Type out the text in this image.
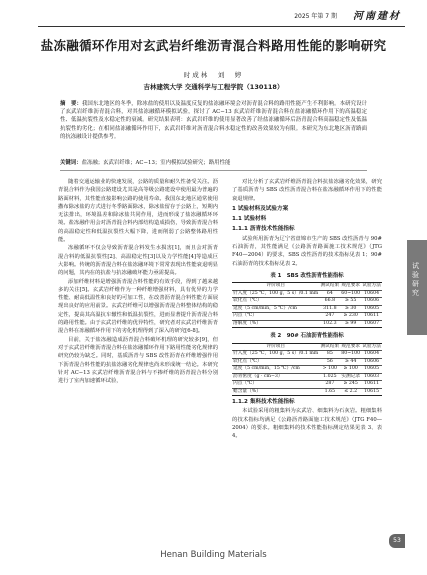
2025 年第 7 期 河南建材
盐冻融循环作用对玄武岩纤维沥青混合料路用性能的影响研究
时成林　刘　婷
吉林建筑大学 交通科学与工程学院（130118）
摘　要：我国东北地区的冬季，除冰盐的使用以及温度反复的盐冻融环境会对沥青混合料的路用性能产生不利影响。本研究设计了玄武岩纤维沥青混合料，对其盐冻融循环模拟试验，探讨了 AC−13 玄武岩纤维沥青混合料在盐冻融循环作用下的高温稳定性、低温抗裂性及水稳定性的衰减。研究结果表明：玄武岩纤维的使用显著改善了经盐冻融循环后沥青混合料高温稳定性及低温抗裂性的劣化；在相同盐冻融循环作用下，玄武岩纤维对沥青混合料水稳定性的改善效果较为有限。本研究为东北地区沥青路面的抗冻融设计提供参考。
关键词：盐冻融；玄武岩纤维；AC−13；室内模拟试验研究；路用性能

随着交通运输业的快速发展，公路的质量和耐久性备受关注。沥青混合料作为我国公路建设尤其是高等级公路建设中使用最为普遍的路面材料，其性能直接影响公路的使用寿命。我国东北地区通常使用撒布除冰盐的方式进行冬季路面除冰，除冰盐留存于公路上，短期内无法排出，环境温差和除冰盐共同作用，进而形成了盐冻融循环环境。盐冻融作用会对沥青混合料内部结构造成损伤，导致沥青混合料的高温稳定性和低温抗裂性大幅下降，进而削弱了公路整体路用性能。

冻融循环不仅会导致沥青混合料发生水损害[1]，而且会对沥青混合料的低温抗裂性[2]、高温稳定性[3]以及力学性能[4]等造成巨大影响。传统的沥青混合料在盐冻融环境下常常表现出性能衰退明显的问题，其内在的抗盐与抗冻融破坏能力亟需提高。

添加纤维材料是增强沥青混合料性能的有效手段，得到了越来越多的关注[5]。玄武岩纤维作为一种纤维增强材料，具有优异的力学性能、耐高低温性和良好的可加工性，在改善沥青混合料性能方面展现出良好的应用前景。玄武岩纤维可以增强沥青混合料整体结构的稳定性，提高其高温抗车辙性和低温抗裂性，进而显著提升沥青混合料的路用性能。由于玄武岩纤维的优异特性，研究者对玄武岩纤维沥青混合料在冻融循环作用下的劣化机理得到了深入的研究[6-8]。

目前，关于盐冻融造成沥青混合料破坏机理的研究较多[9]，但对于玄武岩纤维沥青混合料在盐冻融循环作用下路用性能劣化规律的研究仍较为缺乏。同时，基质沥青与 SBS 改性沥青在纤维增强作用下沥青混合料性能的抗盐冻融劣化规律也尚未形成统一结论。本研究针对 AC−13 玄武岩纤维沥青混合料与不掺纤维的沥青混合料分别进行了室内加速循环试验，

对比分析了玄武岩纤维沥青混合料抗盐冻融劣化效果，研究了基质沥青与 SBS 改性沥青混合料在盐冻融循环作用下的性能衰退规律。

1 试验材料及试验方案
1.1 试验材料
1.1.1 沥青技术性能指标

试验所用沥青为辽宁省盘锦市生产的 SBS 改性沥青与 90# 石油沥青，其性能满足《公路沥青路面施工技术规范》（JTG F40—2004）的要求，SBS 改性沥青的技术指标见表 1；90# 石油沥青的技术指标见表 2。

表 1　SBS 改性沥青性能指标
评价项目	测试结果	规范要求	试验方法
针入度（25 ℃，100 g，5 s）/0.1 mm	64	60~100	T0604
软化点（℃）	66.8	≥ 55	T0606
延度（5 cm/min，5 ℃）/cm	311.8	≥ 30	T0605
闪点（℃）	247	≥ 230	T0611
溶解度（%）	102.3	≥ 99	T0607
表 2　90# 石油沥青性能指标
评价项目	测试结果	规范要求	试验方法
针入度（25 ℃，100 g，5 s）/0.1 mm	85	80~100	T0604
软化点（℃）	56	≥ 44	T0606
延度（5 cm/min，15 ℃）/cm	> 100	≥ 100	T0605
沥青密度（g · cm−3）	1.025	实测记录	T0603
闪点（℃）	287	≥ 245	T0611
蜡含量（%）	1.65	≤ 2.2	T0615
1.1.2 集料技术性能指标

本试验采用的粗集料为玄武岩、细集料为石灰岩。粗细集料的技术指标均满足《公路沥青路面施工技术规范》（JTG F40—2004）的要求。粗细集料的技术性能指标测定结果见表 3、表 4。

试验研究
53
Henan Building Materials
